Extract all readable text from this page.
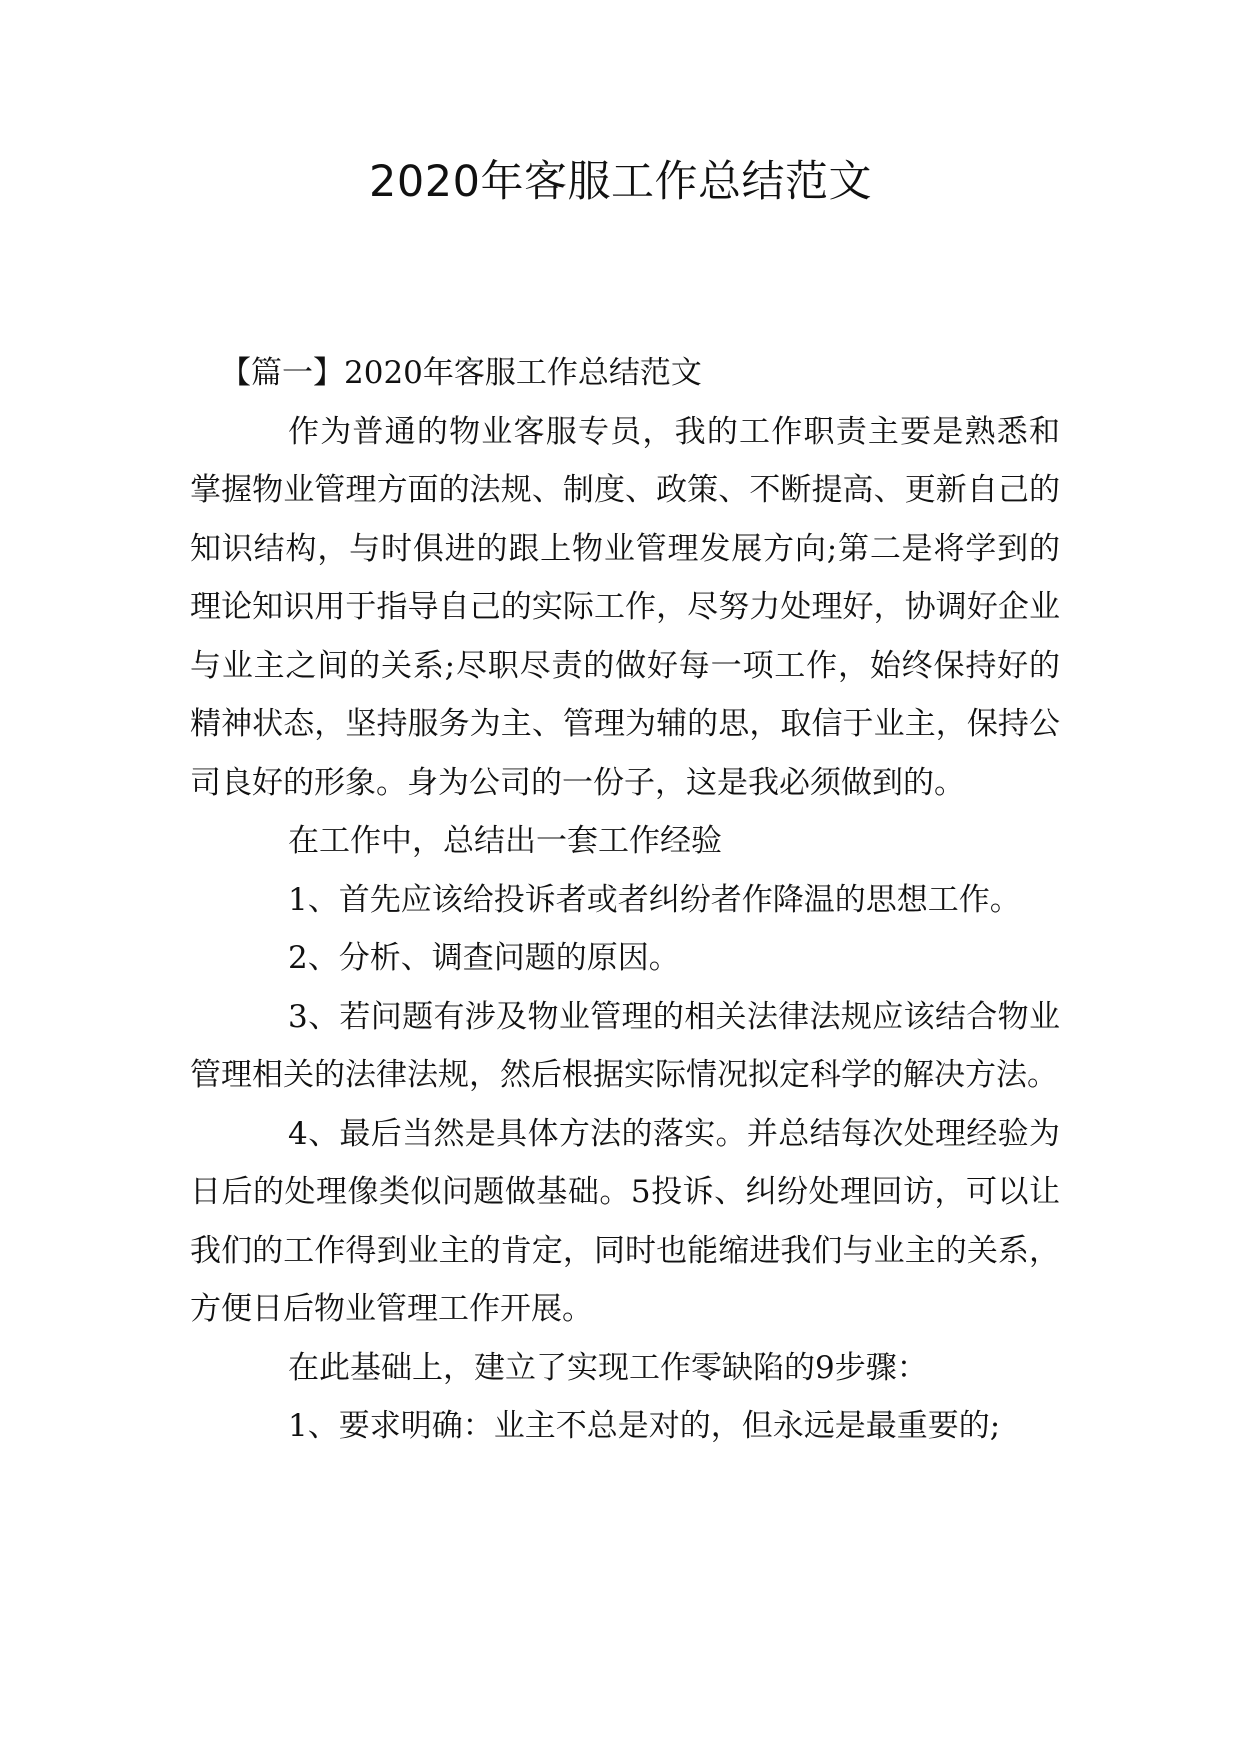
2020年客服工作总结范文

【篇一】2020年客服工作总结范文

作为普通的物业客服专员，我的工作职责主要是熟悉和掌握物业管理方面的法规、制度、政策、不断提高、更新自己的知识结构，与时俱进的跟上物业管理发展方向;第二是将学到的理论知识用于指导自己的实际工作，尽努力处理好，协调好企业与业主之间的关系;尽职尽责的做好每一项工作，始终保持好的精神状态，坚持服务为主、管理为辅的思，取信于业主，保持公司良好的形象。身为公司的一份子，这是我必须做到的。

在工作中，总结出一套工作经验

1、首先应该给投诉者或者纠纷者作降温的思想工作。

2、分析、调查问题的原因。

3、若问题有涉及物业管理的相关法律法规应该结合物业管理相关的法律法规，然后根据实际情况拟定科学的解决方法。

4、最后当然是具体方法的落实。并总结每次处理经验为日后的处理像类似问题做基础。5投诉、纠纷处理回访，可以让我们的工作得到业主的肯定，同时也能缩进我们与业主的关系，方便日后物业管理工作开展。

在此基础上，建立了实现工作零缺陷的9步骤：

1、要求明确：业主不总是对的，但永远是最重要的;
